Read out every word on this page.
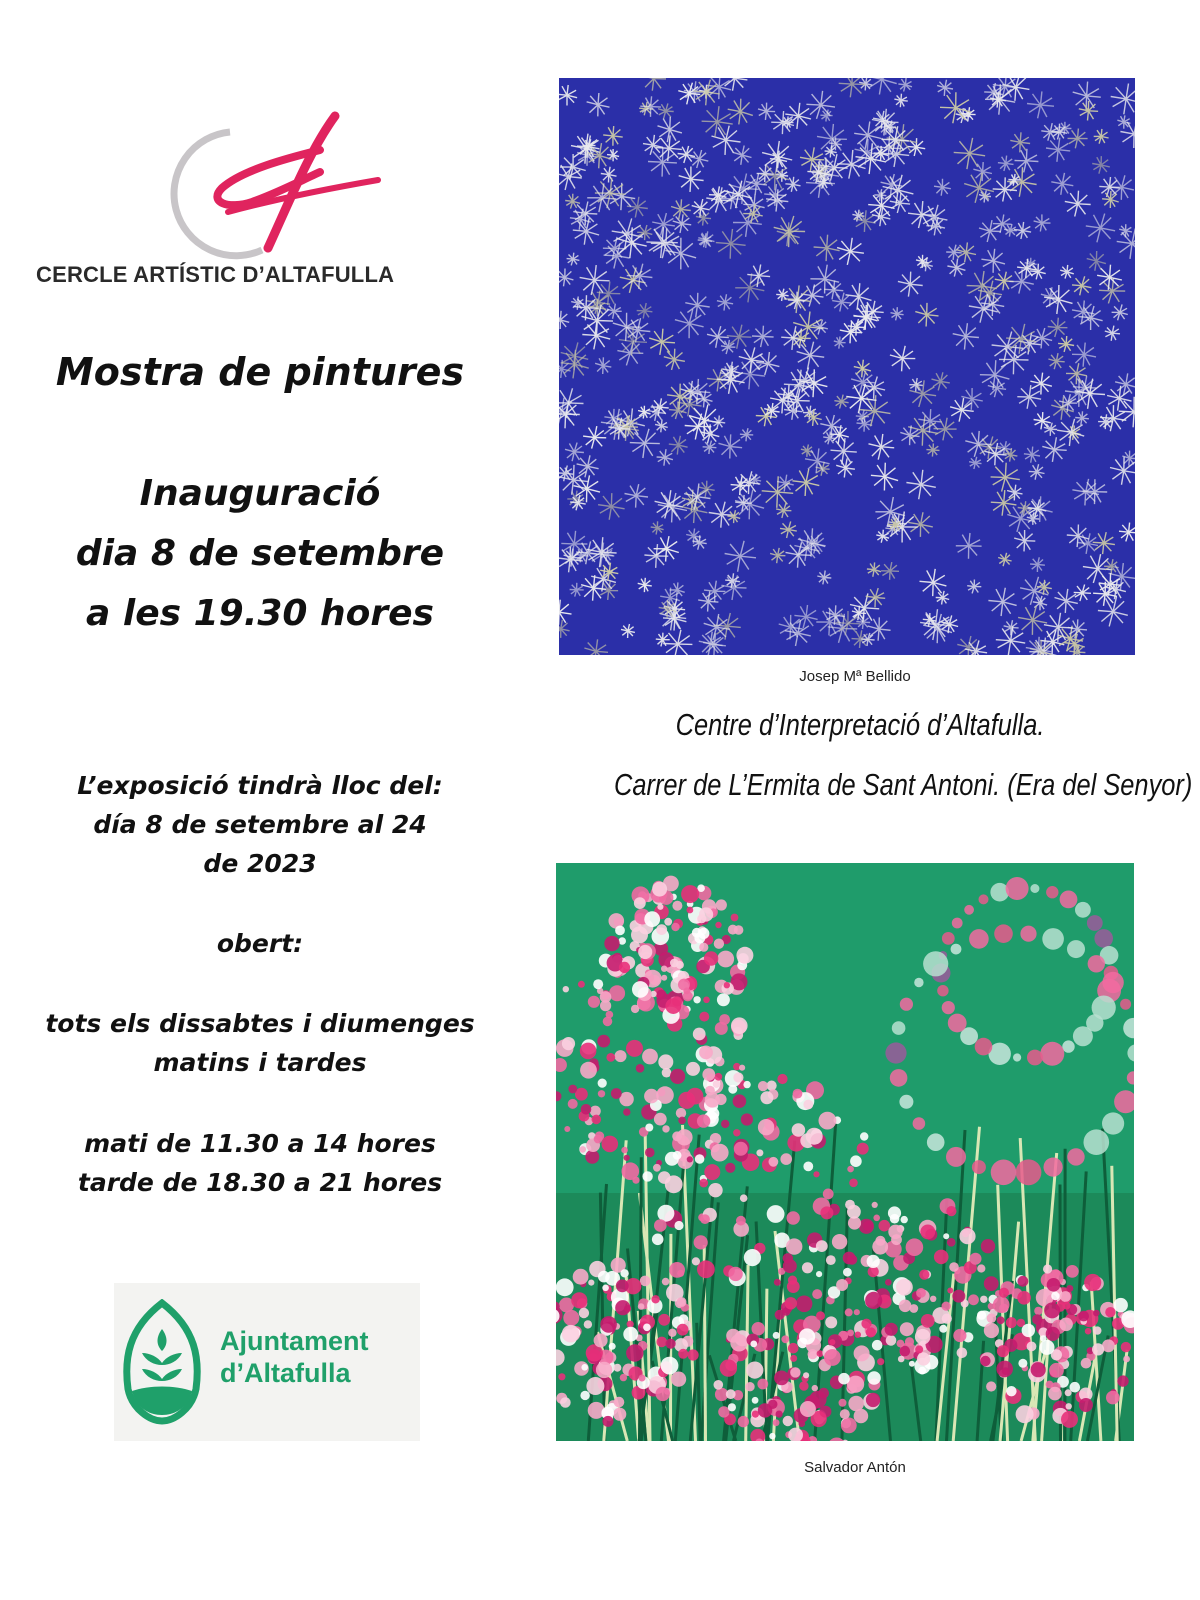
CERCLE ARTÍSTIC D’ALTAFULLA
Mostra de pintures
Inauguració
dia 8 de setembre
a les 19.30 hores
L’exposició tindrà lloc del:
día 8 de setembre al 24
de 2023
obert:
tots els dissabtes i diumenges
matins i tardes
mati de 11.30 a 14 hores
tarde de 18.30 a 21 hores
Josep Mª Bellido
Centre d’Interpretació d’Altafulla.
Carrer de L’Ermita de Sant Antoni. (Era del Senyor)
Salvador Antón
Ajuntament
d’Altafulla
